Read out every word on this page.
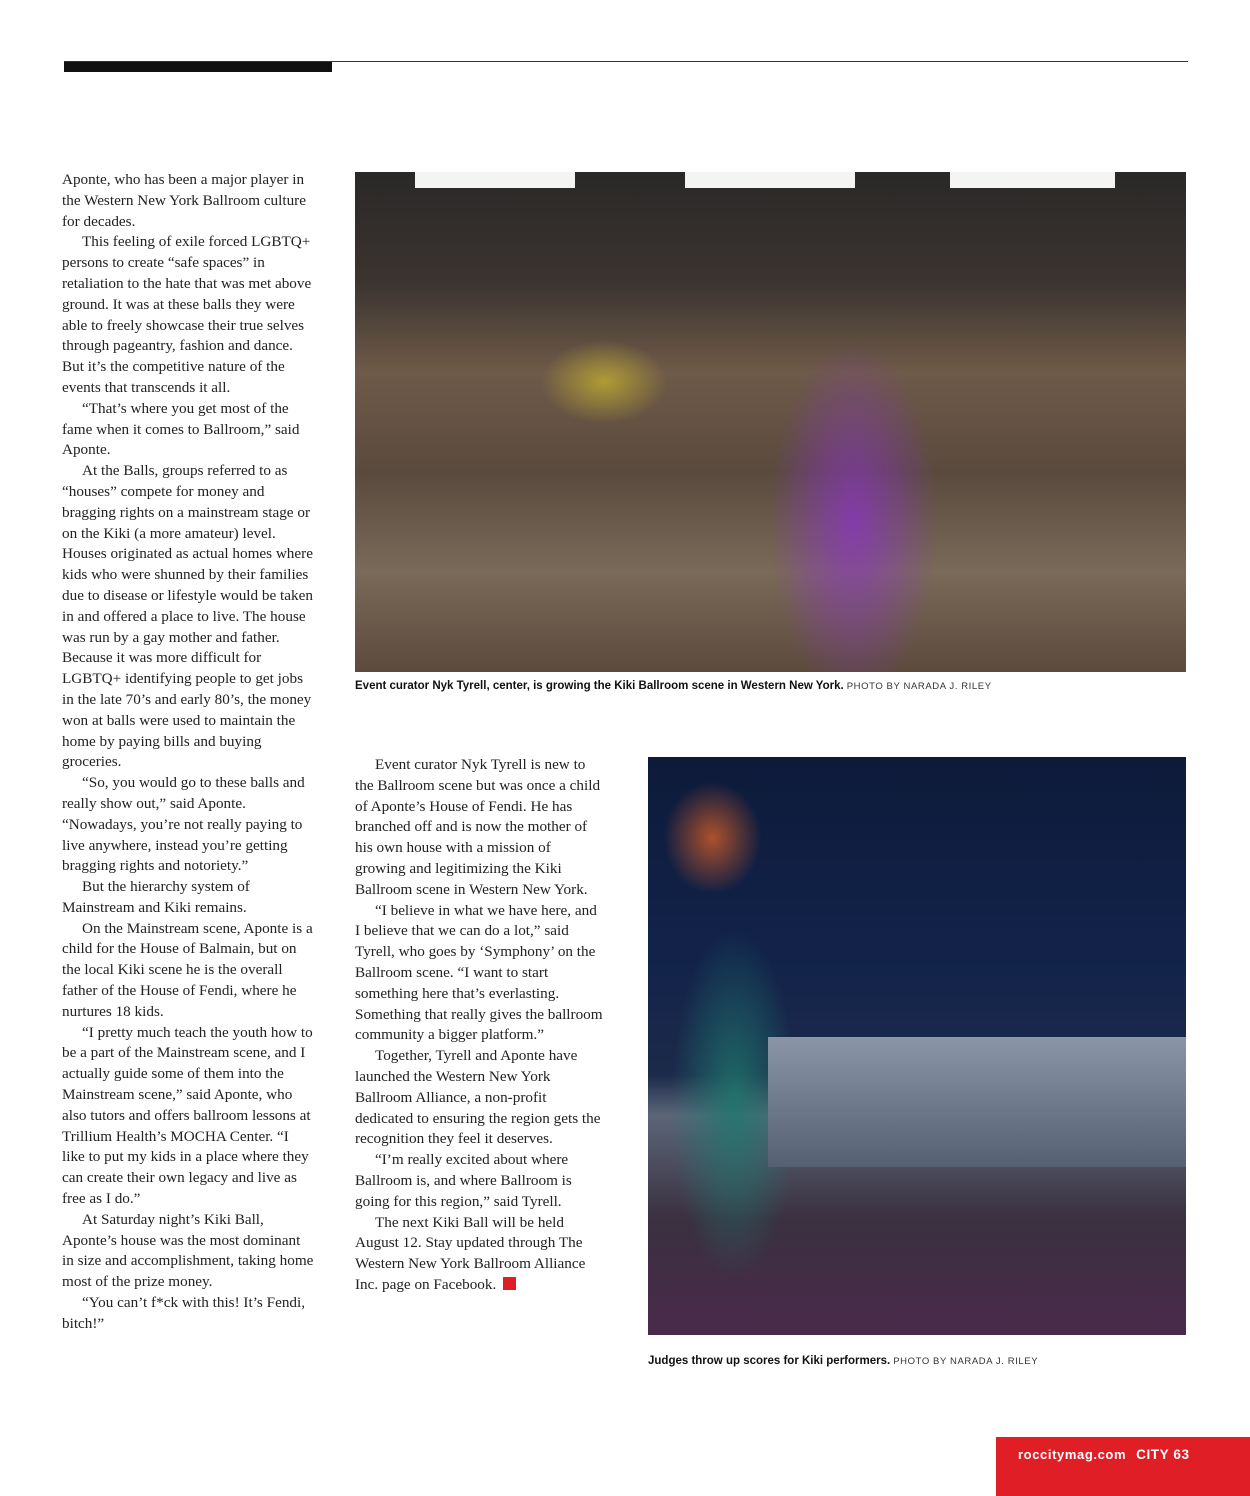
Aponte, who has been a major player in the Western New York Ballroom culture for decades.

This feeling of exile forced LGBTQ+ persons to create “safe spaces” in retaliation to the hate that was met above ground. It was at these balls they were able to freely showcase their true selves through pageantry, fashion and dance. But it’s the competitive nature of the events that transcends it all.

“That’s where you get most of the fame when it comes to Ballroom,” said Aponte.

At the Balls, groups referred to as “houses” compete for money and bragging rights on a mainstream stage or on the Kiki (a more amateur) level. Houses originated as actual homes where kids who were shunned by their families due to disease or lifestyle would be taken in and offered a place to live. The house was run by a gay mother and father. Because it was more difficult for LGBTQ+ identifying people to get jobs in the late 70’s and early 80’s, the money won at balls were used to maintain the home by paying bills and buying groceries.

“So, you would go to these balls and really show out,” said Aponte. “Nowadays, you’re not really paying to live anywhere, instead you’re getting bragging rights and notoriety.”

But the hierarchy system of Mainstream and Kiki remains.

On the Mainstream scene, Aponte is a child for the House of Balmain, but on the local Kiki scene he is the overall father of the House of Fendi, where he nurtures 18 kids.

“I pretty much teach the youth how to be a part of the Mainstream scene, and I actually guide some of them into the Mainstream scene,” said Aponte, who also tutors and offers ballroom lessons at Trillium Health’s MOCHA Center. “I like to put my kids in a place where they can create their own legacy and live as free as I do.”

At Saturday night’s Kiki Ball, Aponte’s house was the most dominant in size and accomplishment, taking home most of the prize money.

“You can’t f*ck with this! It’s Fendi, bitch!”

Event curator Nyk Tyrell, center, is growing the Kiki Ballroom scene in Western New York. PHOTO BY NARADA J. RILEY

Event curator Nyk Tyrell is new to the Ballroom scene but was once a child of Aponte’s House of Fendi. He has branched off and is now the mother of his own house with a mission of growing and legitimizing the Kiki Ballroom scene in Western New York.

“I believe in what we have here, and I believe that we can do a lot,” said Tyrell, who goes by ‘Symphony’ on the Ballroom scene. “I want to start something here that’s everlasting. Something that really gives the ballroom community a bigger platform.”

Together, Tyrell and Aponte have launched the Western New York Ballroom Alliance, a non-profit dedicated to ensuring the region gets the recognition they feel it deserves.

“I’m really excited about where Ballroom is, and where Ballroom is going for this region,” said Tyrell.

The next Kiki Ball will be held August 12. Stay updated through The Western New York Ballroom Alliance Inc. page on Facebook.

Judges throw up scores for Kiki performers. PHOTO BY NARADA J. RILEY
roccitymag.com CITY 63
